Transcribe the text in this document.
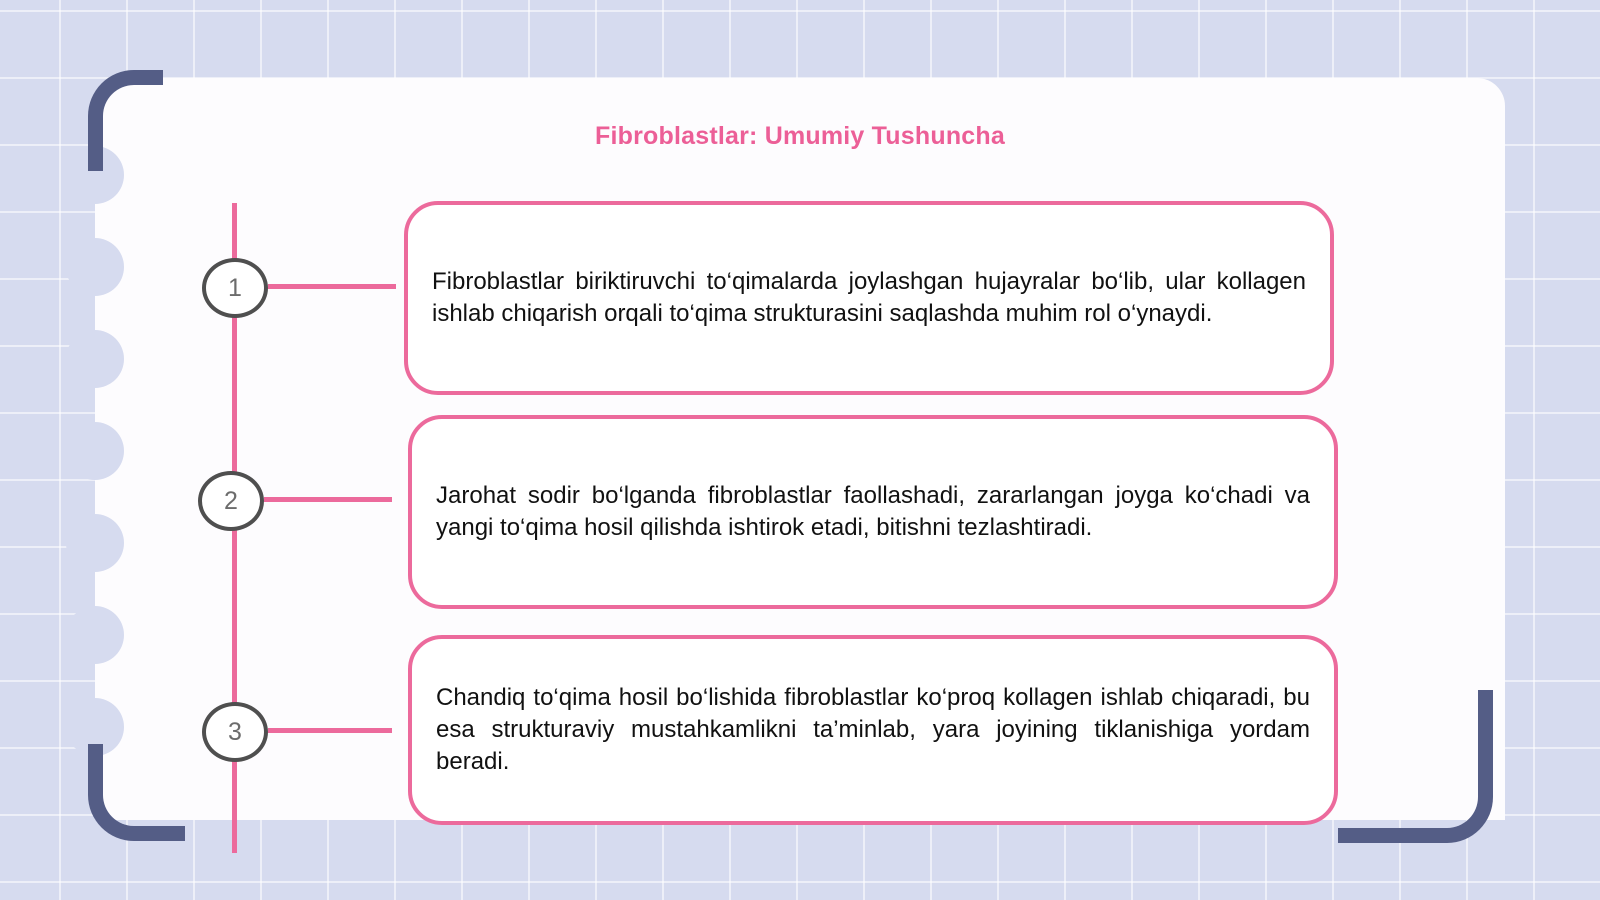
Fibroblastlar: Umumiy Tushuncha
1	Fibroblastlar biriktiruvchi to‘qimalarda joylashgan hujayralar bo‘lib, ular kollagen ishlab chiqarish orqali to‘qima strukturasini saqlashda muhim rol o‘ynaydi.
2	Jarohat sodir bo‘lganda fibroblastlar faollashadi, zararlangan joyga ko‘chadi va yangi to‘qima hosil qilishda ishtirok etadi, bitishni tezlashtiradi.
3
Chandiq to‘qima hosil bo‘lishida fibroblastlar ko‘proq kollagen ishlab chiqaradi, bu esa strukturaviy mustahkamlikni ta’minlab, yara joyining tiklanishiga yordam beradi.
